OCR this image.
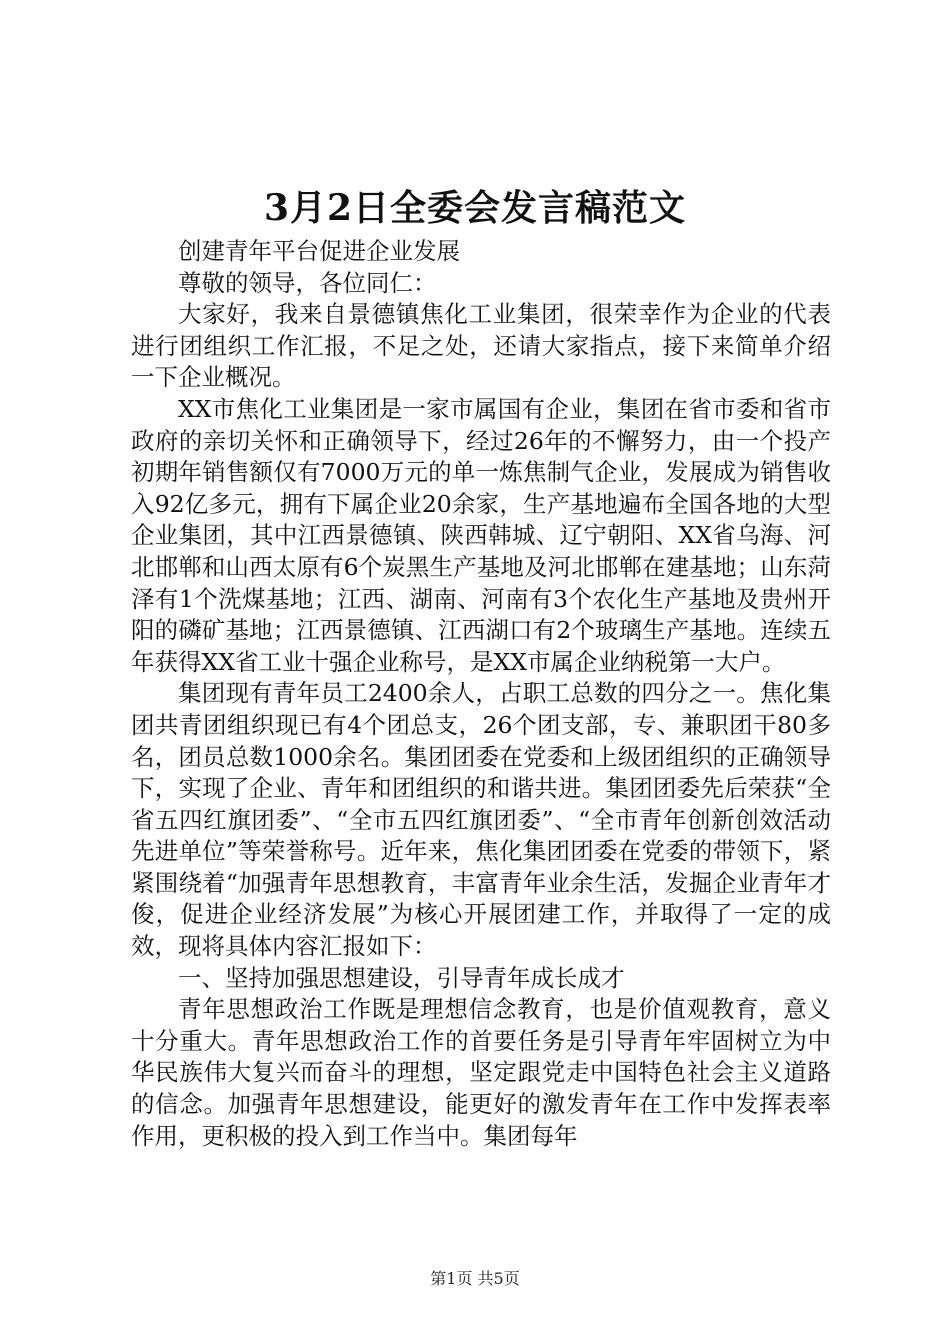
3月2日全委会发言稿范文

创建青年平台促进企业发展

尊敬的领导，各位同仁：

大家好，我来自景德镇焦化工业集团，很荣幸作为企业的代表进行团组织工作汇报，不足之处，还请大家指点，接下来简单介绍一下企业概况。

XX市焦化工业集团是一家市属国有企业，集团在省市委和省市政府的亲切关怀和正确领导下，经过26年的不懈努力，由一个投产初期年销售额仅有7000万元的单一炼焦制气企业，发展成为销售收入92亿多元，拥有下属企业20余家，生产基地遍布全国各地的大型企业集团，其中江西景德镇、陕西韩城、辽宁朝阳、XX省乌海、河北邯郸和山西太原有6个炭黑生产基地及河北邯郸在建基地；山东菏泽有1个洗煤基地；江西、湖南、河南有3个农化生产基地及贵州开阳的磷矿基地；江西景德镇、江西湖口有2个玻璃生产基地。连续五年获得XX省工业十强企业称号，是XX市属企业纳税第一大户。

集团现有青年员工2400余人，占职工总数的四分之一。焦化集团共青团组织现已有4个团总支，26个团支部，专、兼职团干80多名，团员总数1000余名。集团团委在党委和上级团组织的正确领导下，实现了企业、青年和团组织的和谐共进。集团团委先后荣获“全省五四红旗团委”、“全市五四红旗团委”、“全市青年创新创效活动先进单位”等荣誉称号。近年来，焦化集团团委在党委的带领下，紧紧围绕着“加强青年思想教育，丰富青年业余生活，发掘企业青年才俊，促进企业经济发展”为核心开展团建工作，并取得了一定的成效，现将具体内容汇报如下：

一、坚持加强思想建设，引导青年成长成才

青年思想政治工作既是理想信念教育，也是价值观教育，意义十分重大。青年思想政治工作的首要任务是引导青年牢固树立为中华民族伟大复兴而奋斗的理想，坚定跟党走中国特色社会主义道路的信念。加强青年思想建设，能更好的激发青年在工作中发挥表率作用，更积极的投入到工作当中。集团每年

第1页 共5页
